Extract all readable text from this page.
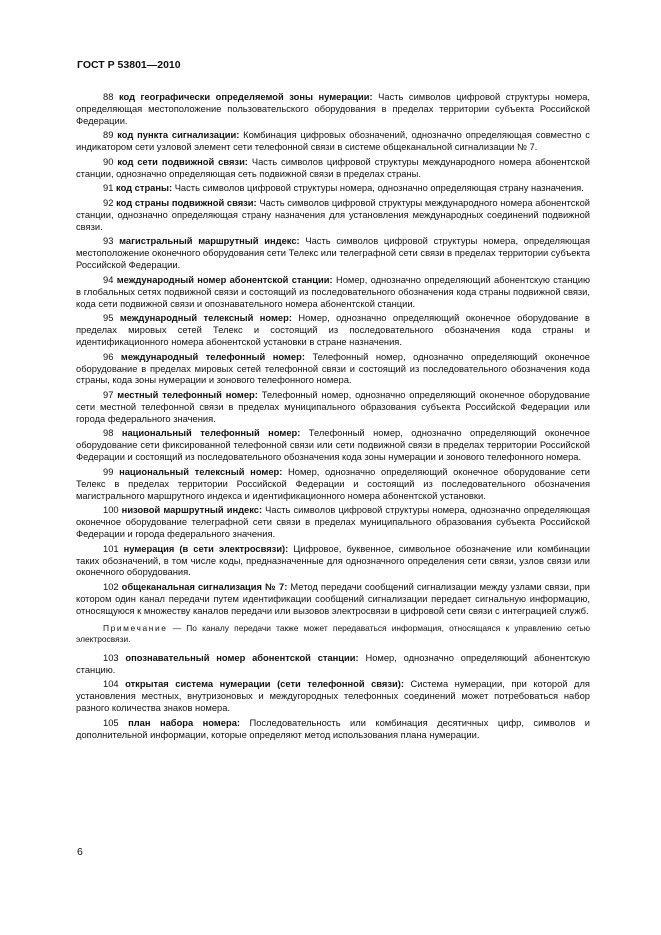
ГОСТ Р 53801—2010

88 код географически определяемой зоны нумерации: Часть символов цифровой структуры номера, определяющая местоположение пользовательского оборудования в пределах территории субъекта Российской Федерации.

89 код пункта сигнализации: Комбинация цифровых обозначений, однозначно определяющая совместно с индикатором сети узловой элемент сети телефонной связи в системе общеканальной сигнализации № 7.

90 код сети подвижной связи: Часть символов цифровой структуры международного номера абонентской станции, однозначно определяющая сеть подвижной связи в пределах страны.

91 код страны: Часть символов цифровой структуры номера, однозначно определяющая страну назначения.

92 код страны подвижной связи: Часть символов цифровой структуры международного номера абонентской станции, однозначно определяющая страну назначения для установления международных соединений подвижной связи.

93 магистральный маршрутный индекс: Часть символов цифровой структуры номера, определяющая местоположение оконечного оборудования сети Телекс или телеграфной сети связи в пределах территории субъекта Российской Федерации.

94 международный номер абонентской станции: Номер, однозначно определяющий абонентскую станцию в глобальных сетях подвижной связи и состоящий из последовательного обозначения кода страны подвижной связи, кода сети подвижной связи и опознавательного номера абонентской станции.

95 международный телексный номер: Номер, однозначно определяющий оконечное оборудование в пределах мировых сетей Телекс и состоящий из последовательного обозначения кода страны и идентификационного номера абонентской установки в стране назначения.

96 международный телефонный номер: Телефонный номер, однозначно определяющий оконечное оборудование в пределах мировых сетей телефонной связи и состоящий из последовательного обозначения кода страны, кода зоны нумерации и зонового телефонного номера.

97 местный телефонный номер: Телефонный номер, однозначно определяющий оконечное оборудование сети местной телефонной связи в пределах муниципального образования субъекта Российской Федерации или города федерального значения.

98 национальный телефонный номер: Телефонный номер, однозначно определяющий оконечное оборудование сети фиксированной телефонной связи или сети подвижной связи в пределах территории Российской Федерации и состоящий из последовательного обозначения кода зоны нумерации и зонового телефонного номера.

99 национальный телексный номер: Номер, однозначно определяющий оконечное оборудование сети Телекс в пределах территории Российской Федерации и состоящий из последовательного обозначения магистрального маршрутного индекса и идентификационного номера абонентской установки.

100 низовой маршрутный индекс: Часть символов цифровой структуры номера, однозначно определяющая оконечное оборудование телеграфной сети связи в пределах муниципального образования субъекта Российской Федерации и города федерального значения.

101 нумерация (в сети электросвязи): Цифровое, буквенное, символьное обозначение или комбинации таких обозначений, в том числе коды, предназначенные для однозначного определения сети связи, узлов связи или оконечного оборудования.

102 общеканальная сигнализация № 7: Метод передачи сообщений сигнализации между узлами связи, при котором один канал передачи путем идентификации сообщений сигнализации передает сигнальную информацию, относящуюся к множеству каналов передачи или вызовов электросвязи в цифровой сети связи с интеграцией служб.

Примечание — По каналу передачи также может передаваться информация, относящаяся к управлению сетью электросвязи.

103 опознавательный номер абонентской станции: Номер, однозначно определяющий абонентскую станцию.

104 открытая система нумерации (сети телефонной связи): Система нумерации, при которой для установления местных, внутризоновых и междугородных телефонных соединений может потребоваться набор разного количества знаков номера.

105 план набора номера: Последовательность или комбинация десятичных цифр, символов и дополнительной информации, которые определяют метод использования плана нумерации.

6
